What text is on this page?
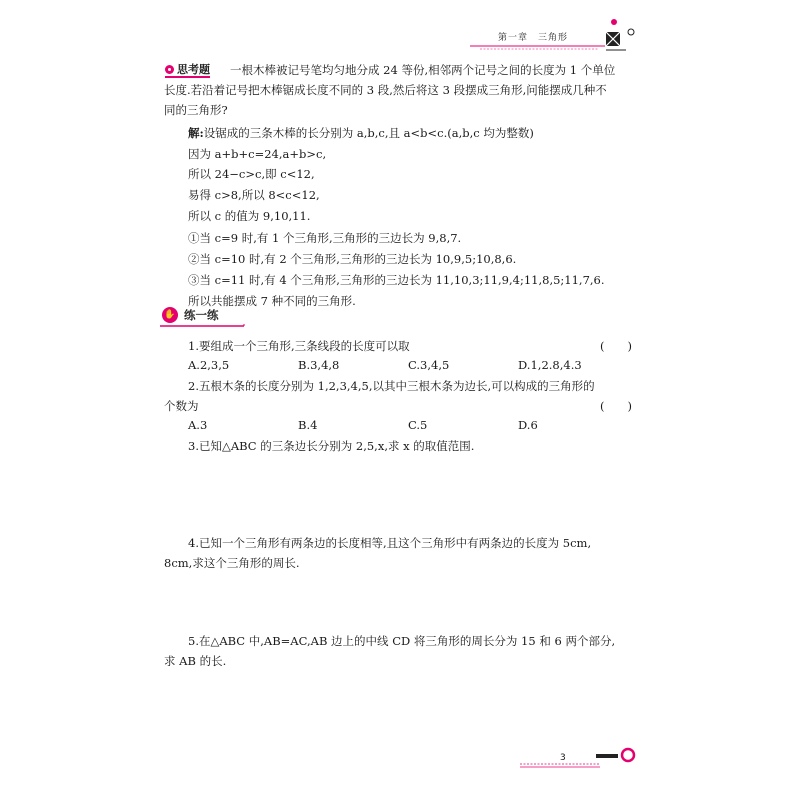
第一章　三角形
思考题 一根木棒被记号笔均匀地分成 24 等份,相邻两个记号之间的长度为 1 个单位
长度.若沿着记号把木棒锯成长度不同的 3 段,然后将这 3 段摆成三角形,问能摆成几种不
同的三角形?
解:设锯成的三条木棒的长分别为 a,b,c,且 a<b<c.(a,b,c 均为整数)
因为 a+b+c=24,a+b>c,
所以 24−c>c,即 c<12,
易得 c>8,所以 8<c<12,
所以 c 的值为 9,10,11.
①当 c=9 时,有 1 个三角形,三角形的三边长为 9,8,7.
②当 c=10 时,有 2 个三角形,三角形的三边长为 10,9,5;10,8,6.
③当 c=11 时,有 4 个三角形,三角形的三边长为 11,10,3;11,9,4;11,8,5;11,7,6.
所以共能摆成 7 种不同的三角形.
✋ 练一练
1.要组成一个三角形,三条线段的长度可以取	(　　)
A.2,3,5	B.3,4,8	C.3,4,5	D.1,2.8,4.3
2.五根木条的长度分别为 1,2,3,4,5,以其中三根木条为边长,可以构成的三角形的
个数为	(　　)
A.3	B.4	C.5	D.6
3.已知△ABC 的三条边长分别为 2,5,x,求 x 的取值范围.
4.已知一个三角形有两条边的长度相等,且这个三角形中有两条边的长度为 5cm,
8cm,求这个三角形的周长.
5.在△ABC 中,AB=AC,AB 边上的中线 CD 将三角形的周长分为 15 和 6 两个部分,
求 AB 的长.
3
